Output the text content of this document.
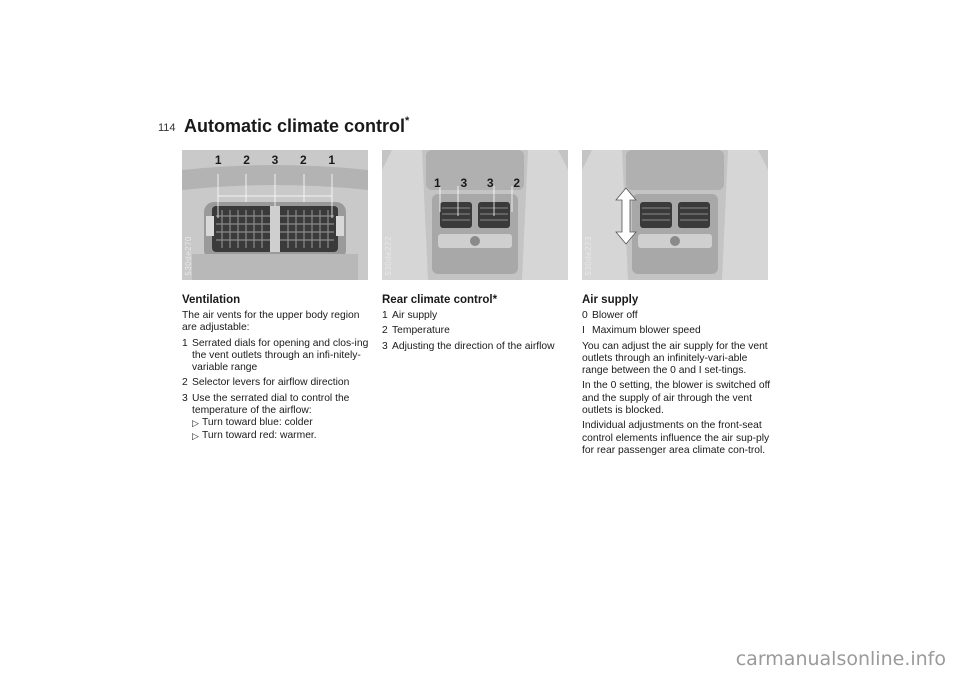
114 Automatic climate control*
1 2 3 2 1
530de270
1 3 3 2
530de272	530de273
Ventilation

The air vents for the upper body region are adjustable:

1 Serrated dials for opening and clos-ing the vent outlets through an infi-nitely-variable range
2 Selector levers for airflow direction
3 Use the serrated dial to control the temperature of the airflow:
▷ Turn toward blue: colder
▷ Turn toward red: warmer.
Rear climate control*
1 Air supply
2 Temperature
3 Adjusting the direction of the airflow
Air supply
0 Blower off
I Maximum blower speed

You can adjust the air supply for the vent outlets through an infinitely-vari-able range between the 0 and I set-tings.

In the 0 setting, the blower is switched off and the supply of air through the vent outlets is blocked.

Individual adjustments on the front-seat control elements influence the air sup-ply for rear passenger area climate con-trol.

carmanualsonline.info
